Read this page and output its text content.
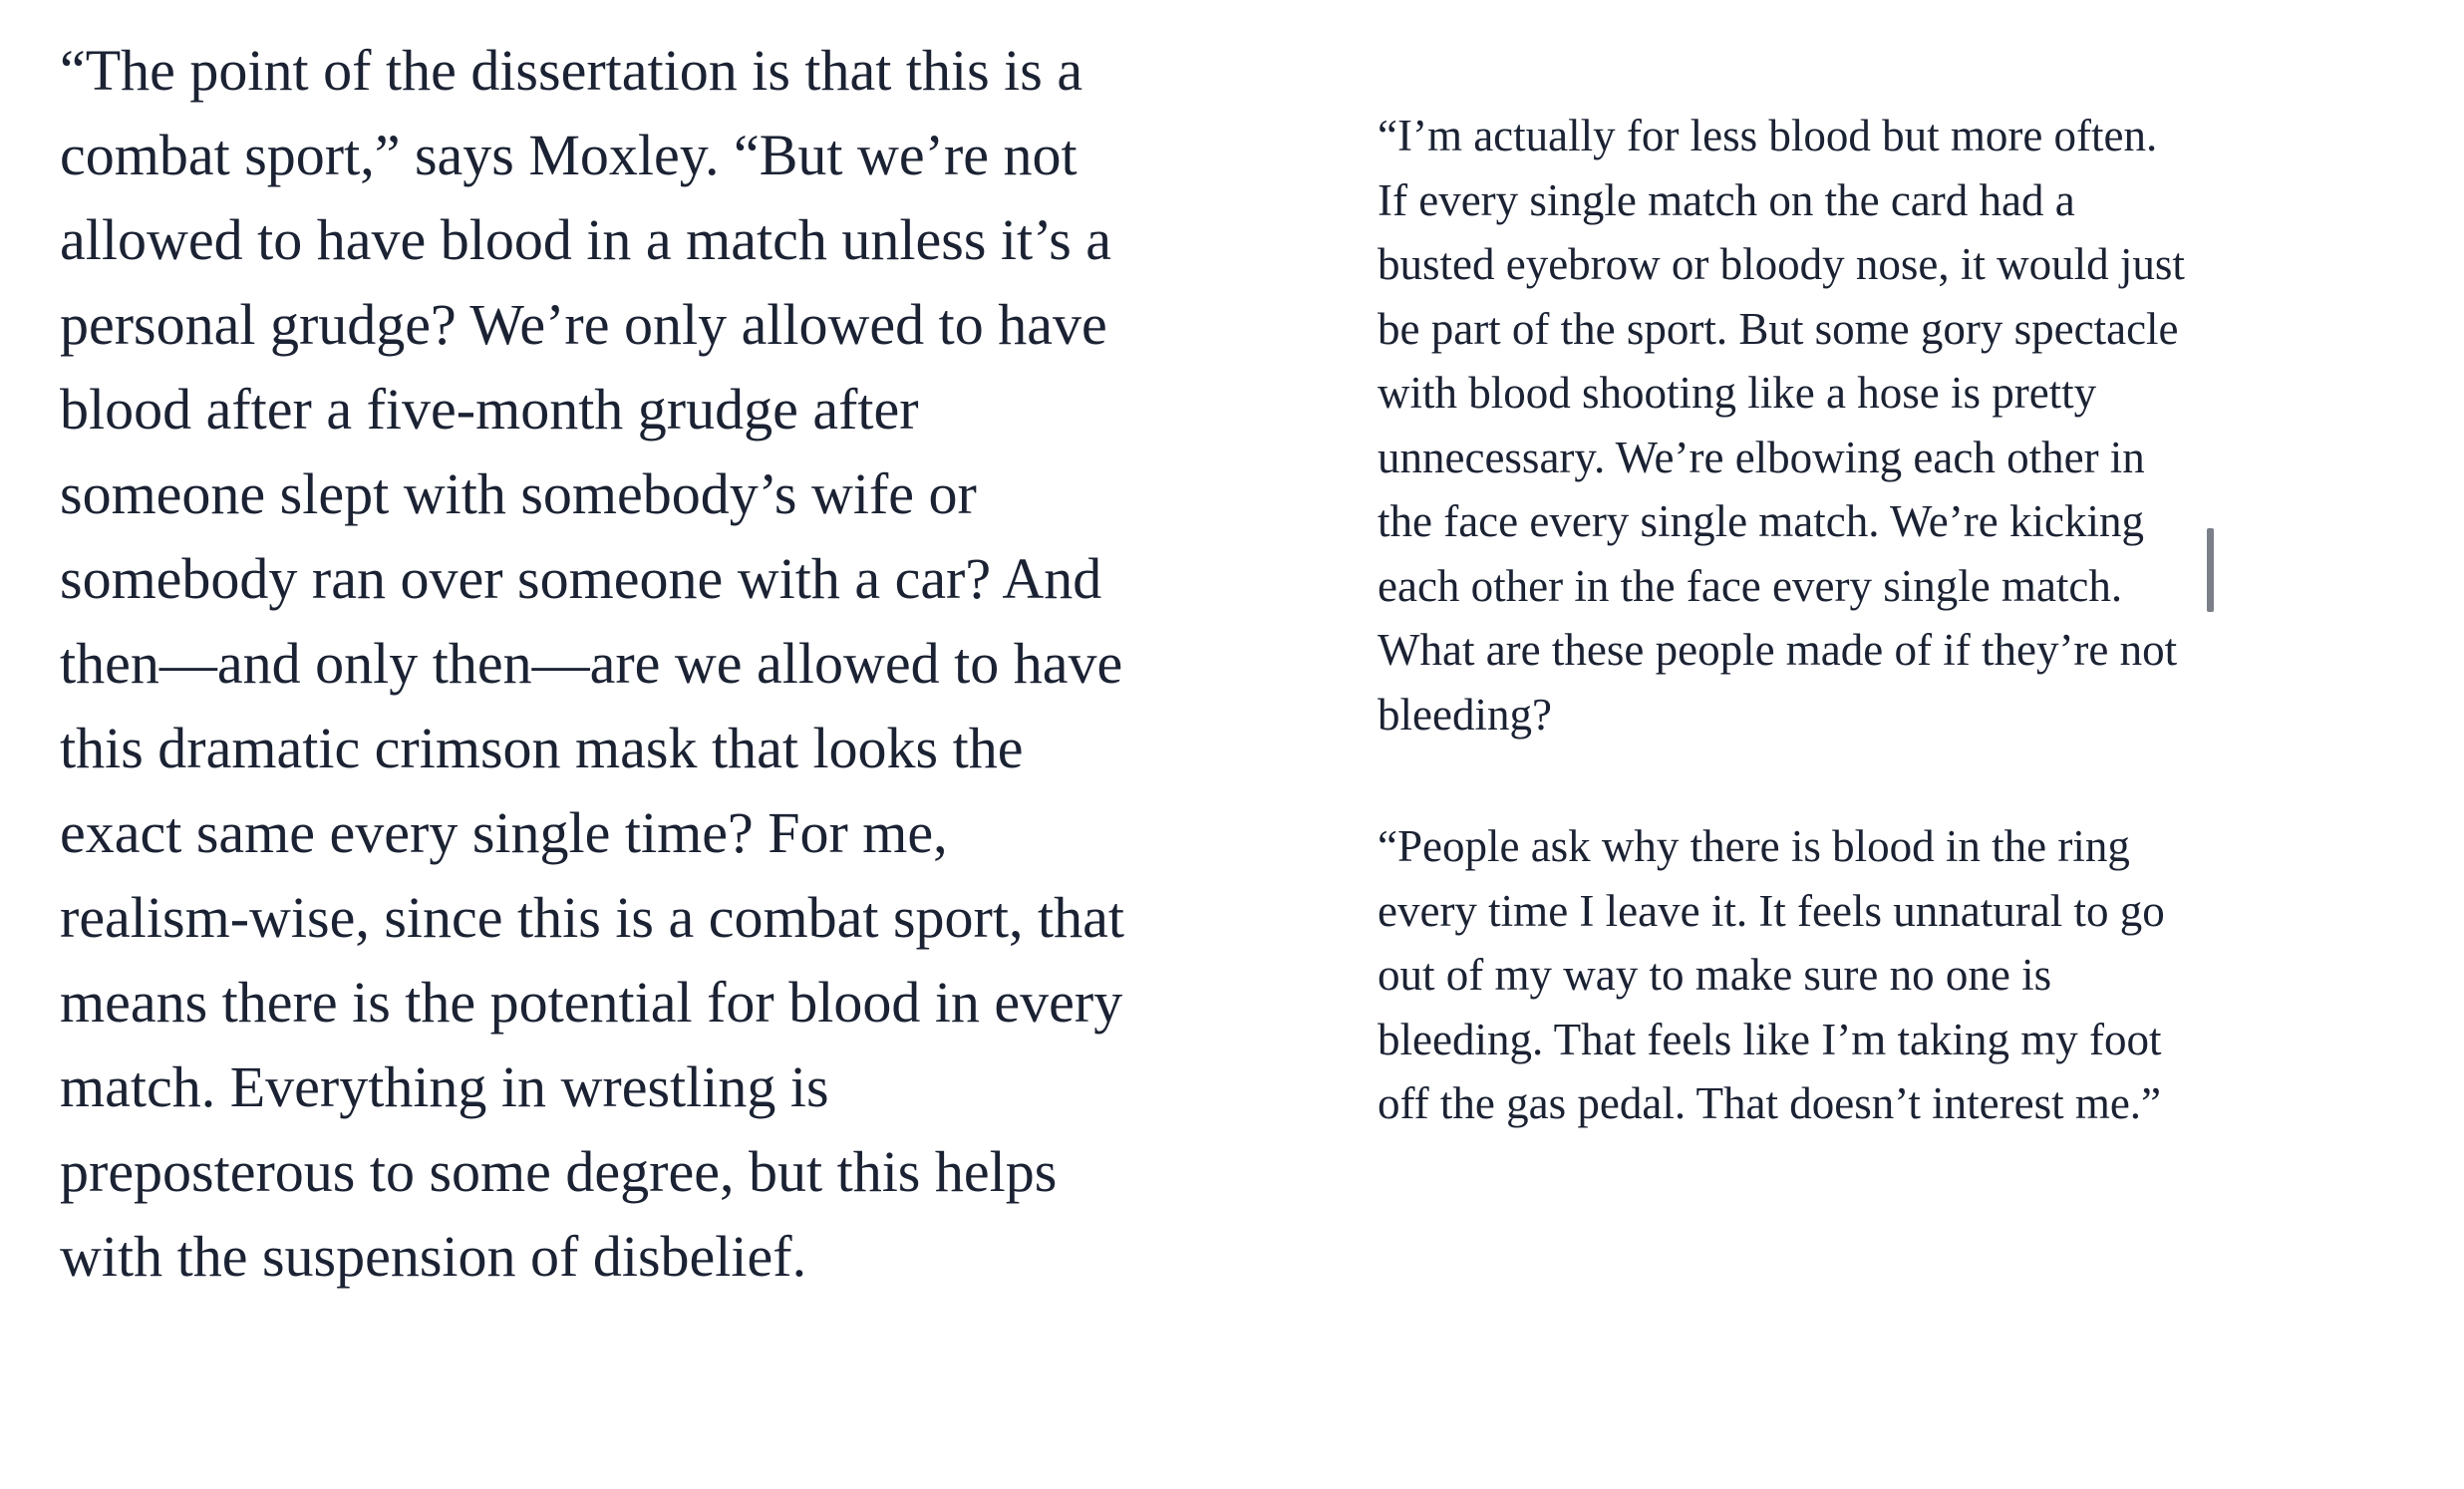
“The point of the dissertation is that this is a combat sport,” says Moxley. “But we’re not allowed to have blood in a match unless it’s a personal grudge? We’re only allowed to have blood after a five-month grudge after someone slept with somebody’s wife or somebody ran over someone with a car? And then—and only then—are we allowed to have this dramatic crimson mask that looks the exact same every single time? For me, realism-wise, since this is a combat sport, that means there is the potential for blood in every match. Everything in wrestling is preposterous to some degree, but this helps with the suspension of disbelief.

“I’m actually for less blood but more often. If every single match on the card had a busted eyebrow or bloody nose, it would just be part of the sport. But some gory spectacle with blood shooting like a hose is pretty unnecessary. We’re elbowing each other in the face every single match. We’re kicking each other in the face every single match. What are these people made of if they’re not bleeding?

“People ask why there is blood in the ring every time I leave it. It feels unnatural to go out of my way to make sure no one is bleeding. That feels like I’m taking my foot off the gas pedal. That doesn’t interest me.”
